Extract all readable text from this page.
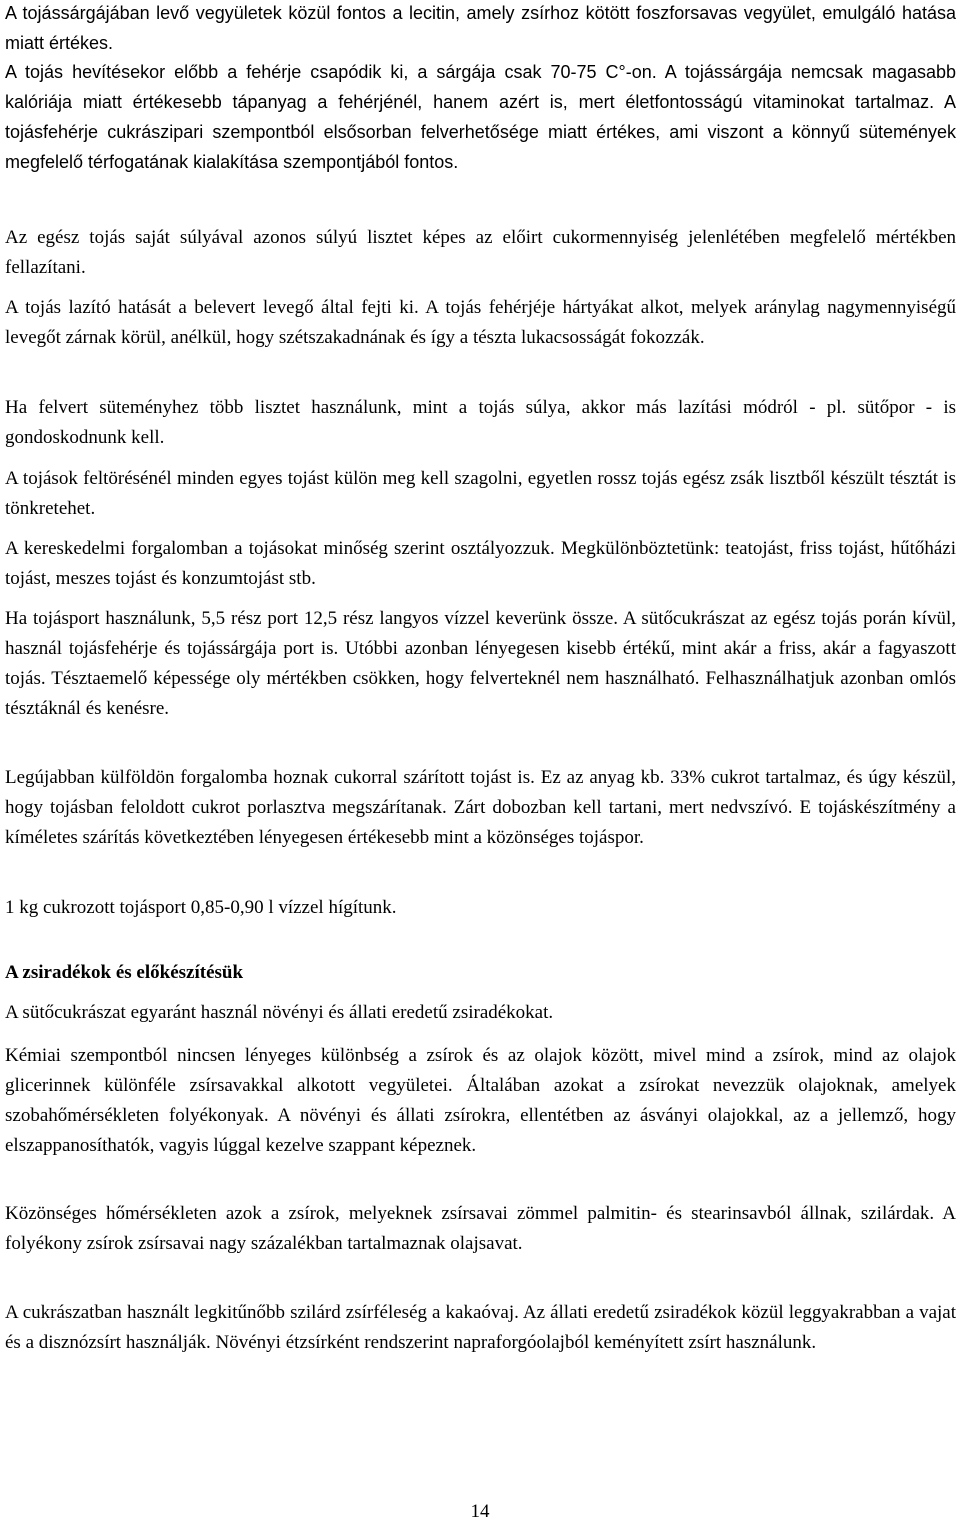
A tojássárgájában levő vegyületek közül fontos a lecitin, amely zsírhoz kötött foszforsavas vegyület, emulgáló hatása miatt értékes.

A tojás hevítésekor előbb a fehérje csapódik ki, a sárgája csak 70-75 C°-on. A tojássárgája nemcsak magasabb kalóriája miatt értékesebb tápanyag a fehérjénél, hanem azért is, mert életfontosságú vitaminokat tartalmaz. A tojásfehérje cukrászipari szempontból elsősorban felverhetősége miatt értékes, ami viszont a könnyű sütemények megfelelő térfogatának kialakítása szempontjából fontos.

Az egész tojás saját súlyával azonos súlyú lisztet képes az előirt cukormennyiség jelenlétében megfelelő mértékben fellazítani.

A tojás lazító hatását a belevert levegő által fejti ki. A tojás fehérjéje hártyákat alkot, melyek aránylag nagymennyiségű levegőt zárnak körül, anélkül, hogy szétszakadnának és így a tészta lukacsosságát fokozzák.

Ha felvert süteményhez több lisztet használunk, mint a tojás súlya, akkor más lazítási módról - pl. sütőpor - is gondoskodnunk kell.

A tojások feltörésénél minden egyes tojást külön meg kell szagolni, egyetlen rossz tojás egész zsák lisztből készült tésztát is tönkretehet.

A kereskedelmi forgalomban a tojásokat minőség szerint osztályozzuk. Megkülönböztetünk: teatojást, friss tojást, hűtőházi tojást, meszes tojást és konzumtojást stb.

Ha tojásport használunk, 5,5 rész port 12,5 rész langyos vízzel keverünk össze. A sütőcukrászat az egész tojás porán kívül, használ tojásfehérje és tojássárgája port is. Utóbbi azonban lényegesen kisebb értékű, mint akár a friss, akár a fagyaszott tojás. Tésztaemelő képessége oly mértékben csökken, hogy felverteknél nem használható. Felhasználhatjuk azonban omlós tésztáknál és kenésre.

Legújabban külföldön forgalomba hoznak cukorral szárított tojást is. Ez az anyag kb. 33% cukrot tartalmaz, és úgy készül, hogy tojásban feloldott cukrot porlasztva megszárítanak. Zárt dobozban kell tartani, mert nedvszívó. E tojáskészítmény a kíméletes szárítás következtében lényegesen értékesebb mint a közönséges tojáspor.

1 kg cukrozott tojásport 0,85-0,90 l vízzel hígítunk.

A zsiradékok és előkészítésük

A sütőcukrászat egyaránt használ növényi és állati eredetű zsiradékokat.

Kémiai szempontból nincsen lényeges különbség a zsírok és az olajok között, mivel mind a zsírok, mind az olajok glicerinnek különféle zsírsavakkal alkotott vegyületei. Általában azokat a zsírokat nevezzük olajoknak, amelyek szobahőmérsékleten folyékonyak. A növényi és állati zsírokra, ellentétben az ásványi olajokkal, az a jellemző, hogy elszappanosíthatók, vagyis lúggal kezelve szappant képeznek.

Közönséges hőmérsékleten azok a zsírok, melyeknek zsírsavai zömmel palmitin- és stearinsavból állnak, szilárdak. A folyékony zsírok zsírsavai nagy százalékban tartalmaznak olajsavat.

A cukrászatban használt legkitűnőbb szilárd zsírféleség a kakaóvaj. Az állati eredetű zsiradékok közül leggyakrabban a vajat és a disznózsírt használják. Növényi étzsírként rendszerint napraforgóolajból keményített zsírt használunk.

14
